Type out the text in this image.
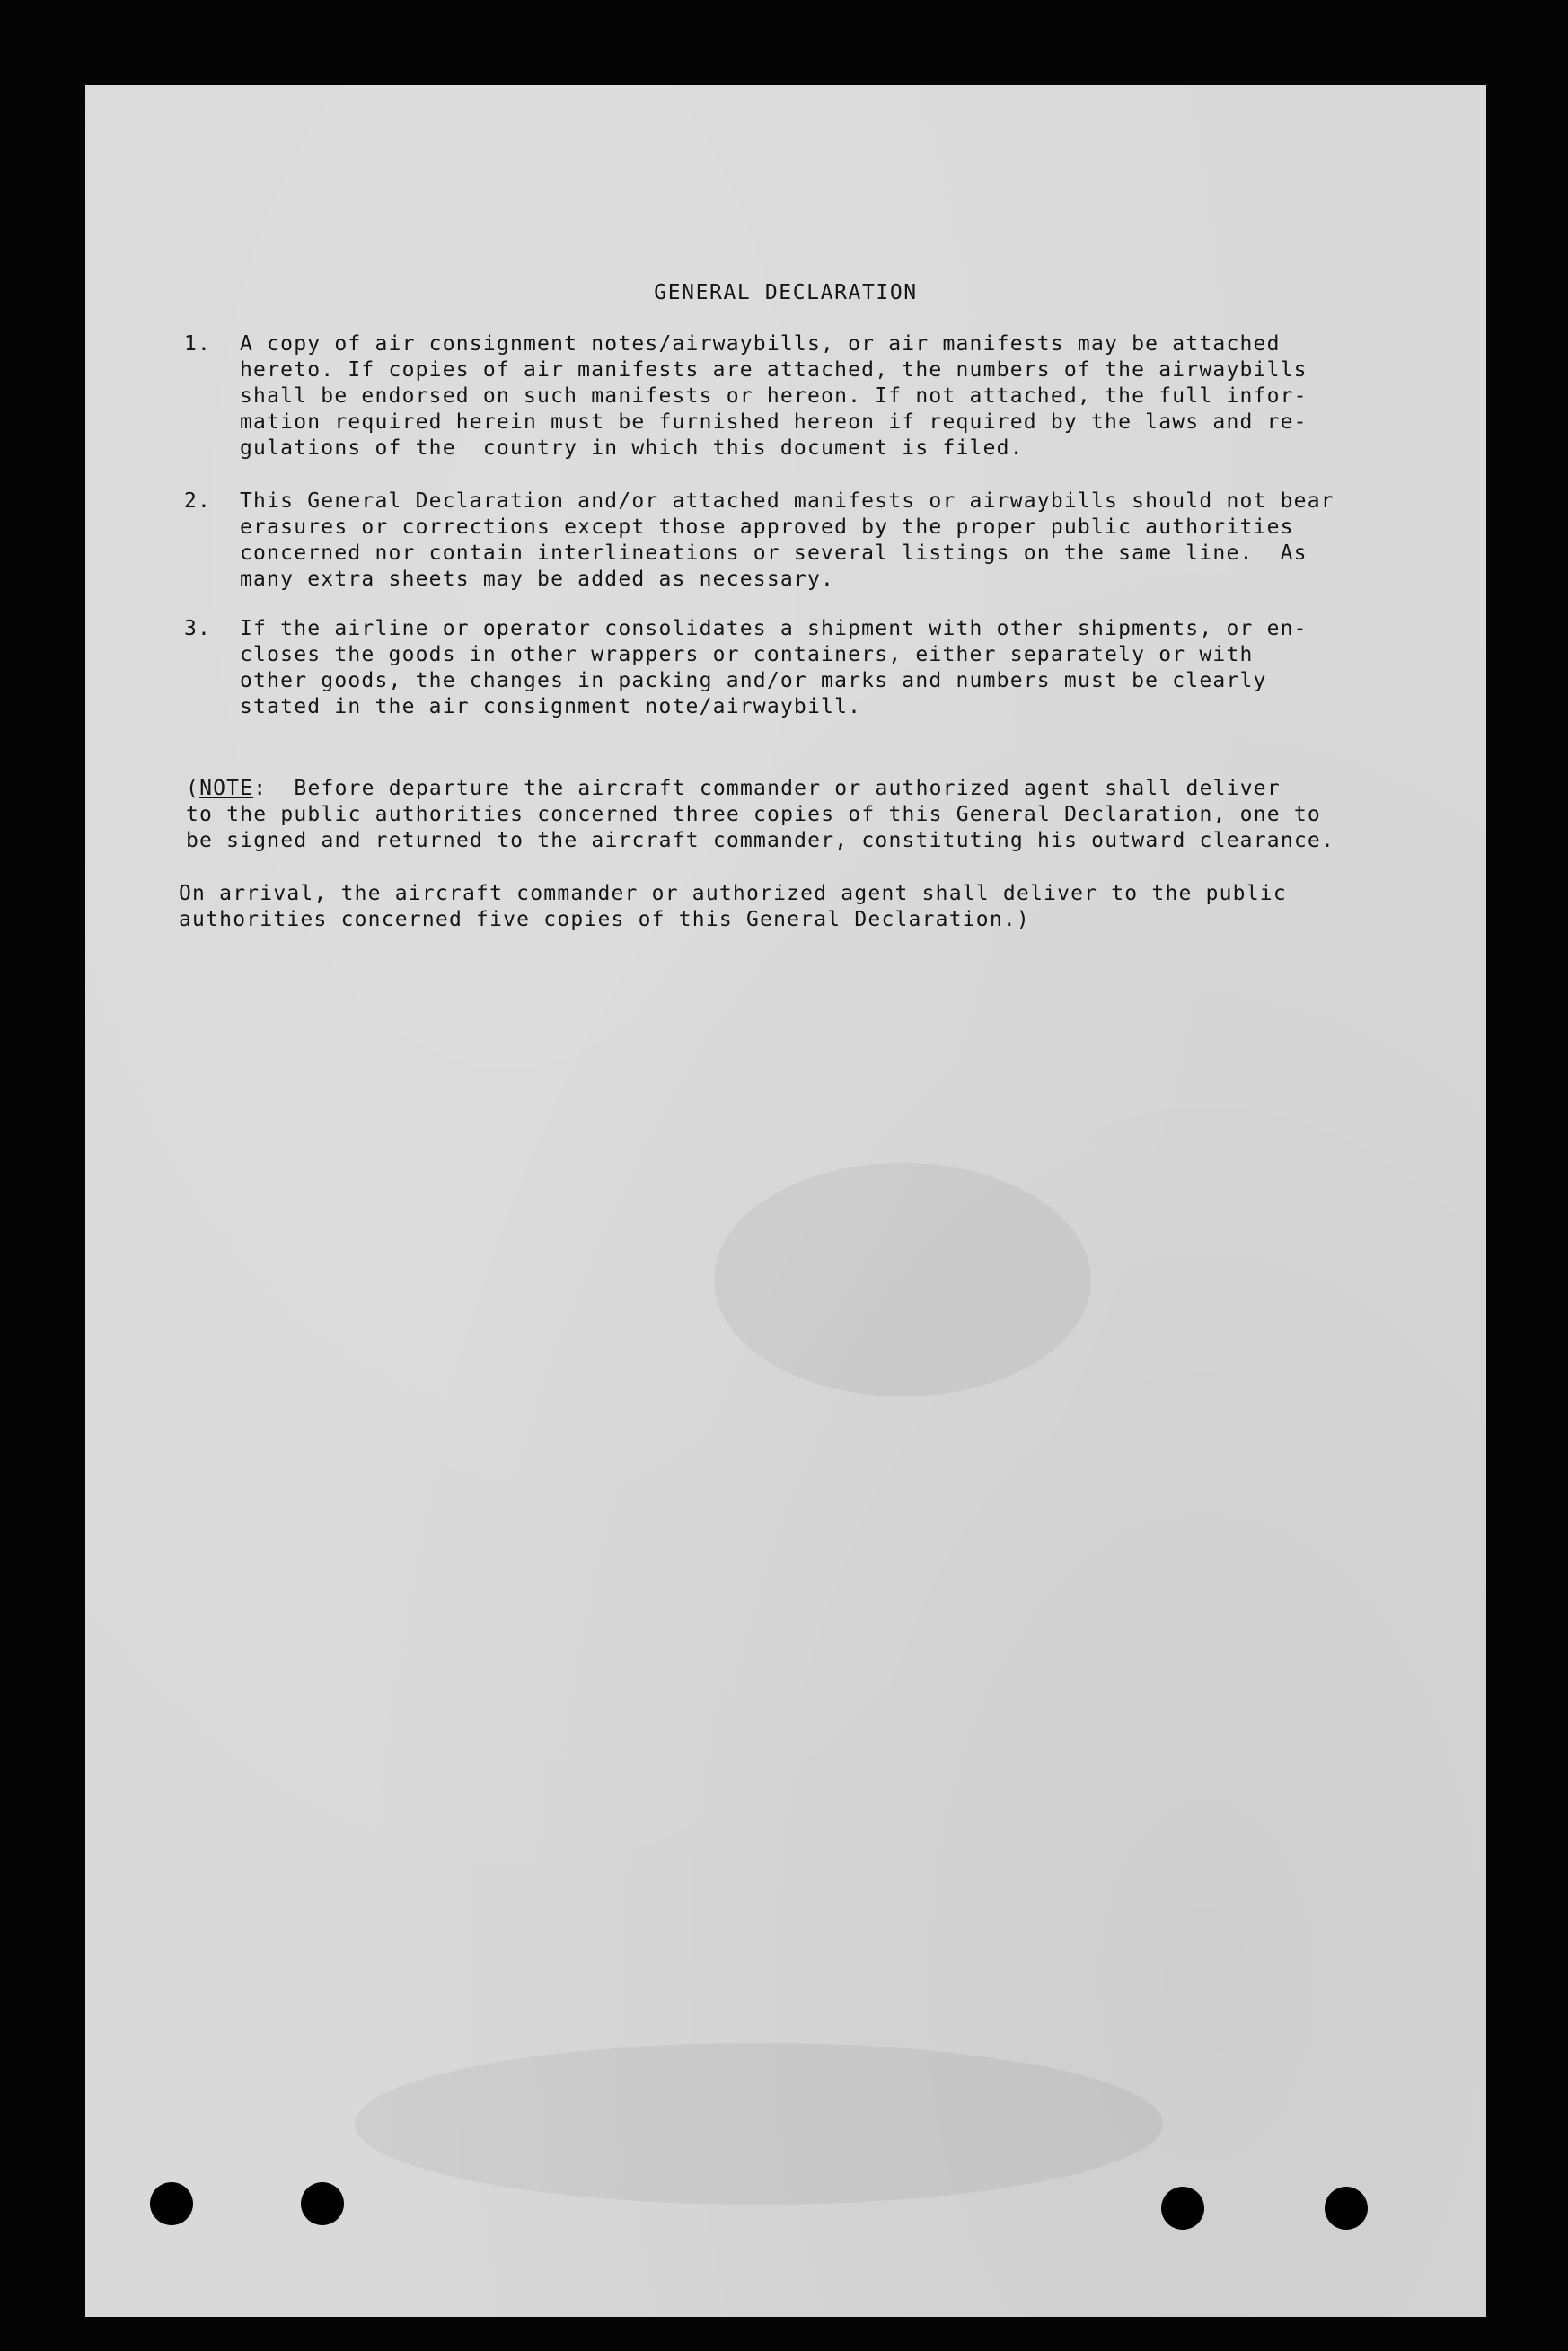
GENERAL DECLARATION
1. A copy of air consignment notes/airwaybills, or air manifests may be attached
hereto. If copies of air manifests are attached, the numbers of the airwaybills
shall be endorsed on such manifests or hereon. If not attached, the full infor-
mation required herein must be furnished hereon if required by the laws and re-
gulations of the  country in which this document is filed.
2. This General Declaration and/or attached manifests or airwaybills should not bear
erasures or corrections except those approved by the proper public authorities
concerned nor contain interlineations or several listings on the same line.  As
many extra sheets may be added as necessary.
3. If the airline or operator consolidates a shipment with other shipments, or en-
closes the goods in other wrappers or containers, either separately or with
other goods, the changes in packing and/or marks and numbers must be clearly
stated in the air consignment note/airwaybill.
(NOTE:  Before departure the aircraft commander or authorized agent shall deliver
to the public authorities concerned three copies of this General Declaration, one to
be signed and returned to the aircraft commander, constituting his outward clearance.
On arrival, the aircraft commander or authorized agent shall deliver to the public
authorities concerned five copies of this General Declaration.)
